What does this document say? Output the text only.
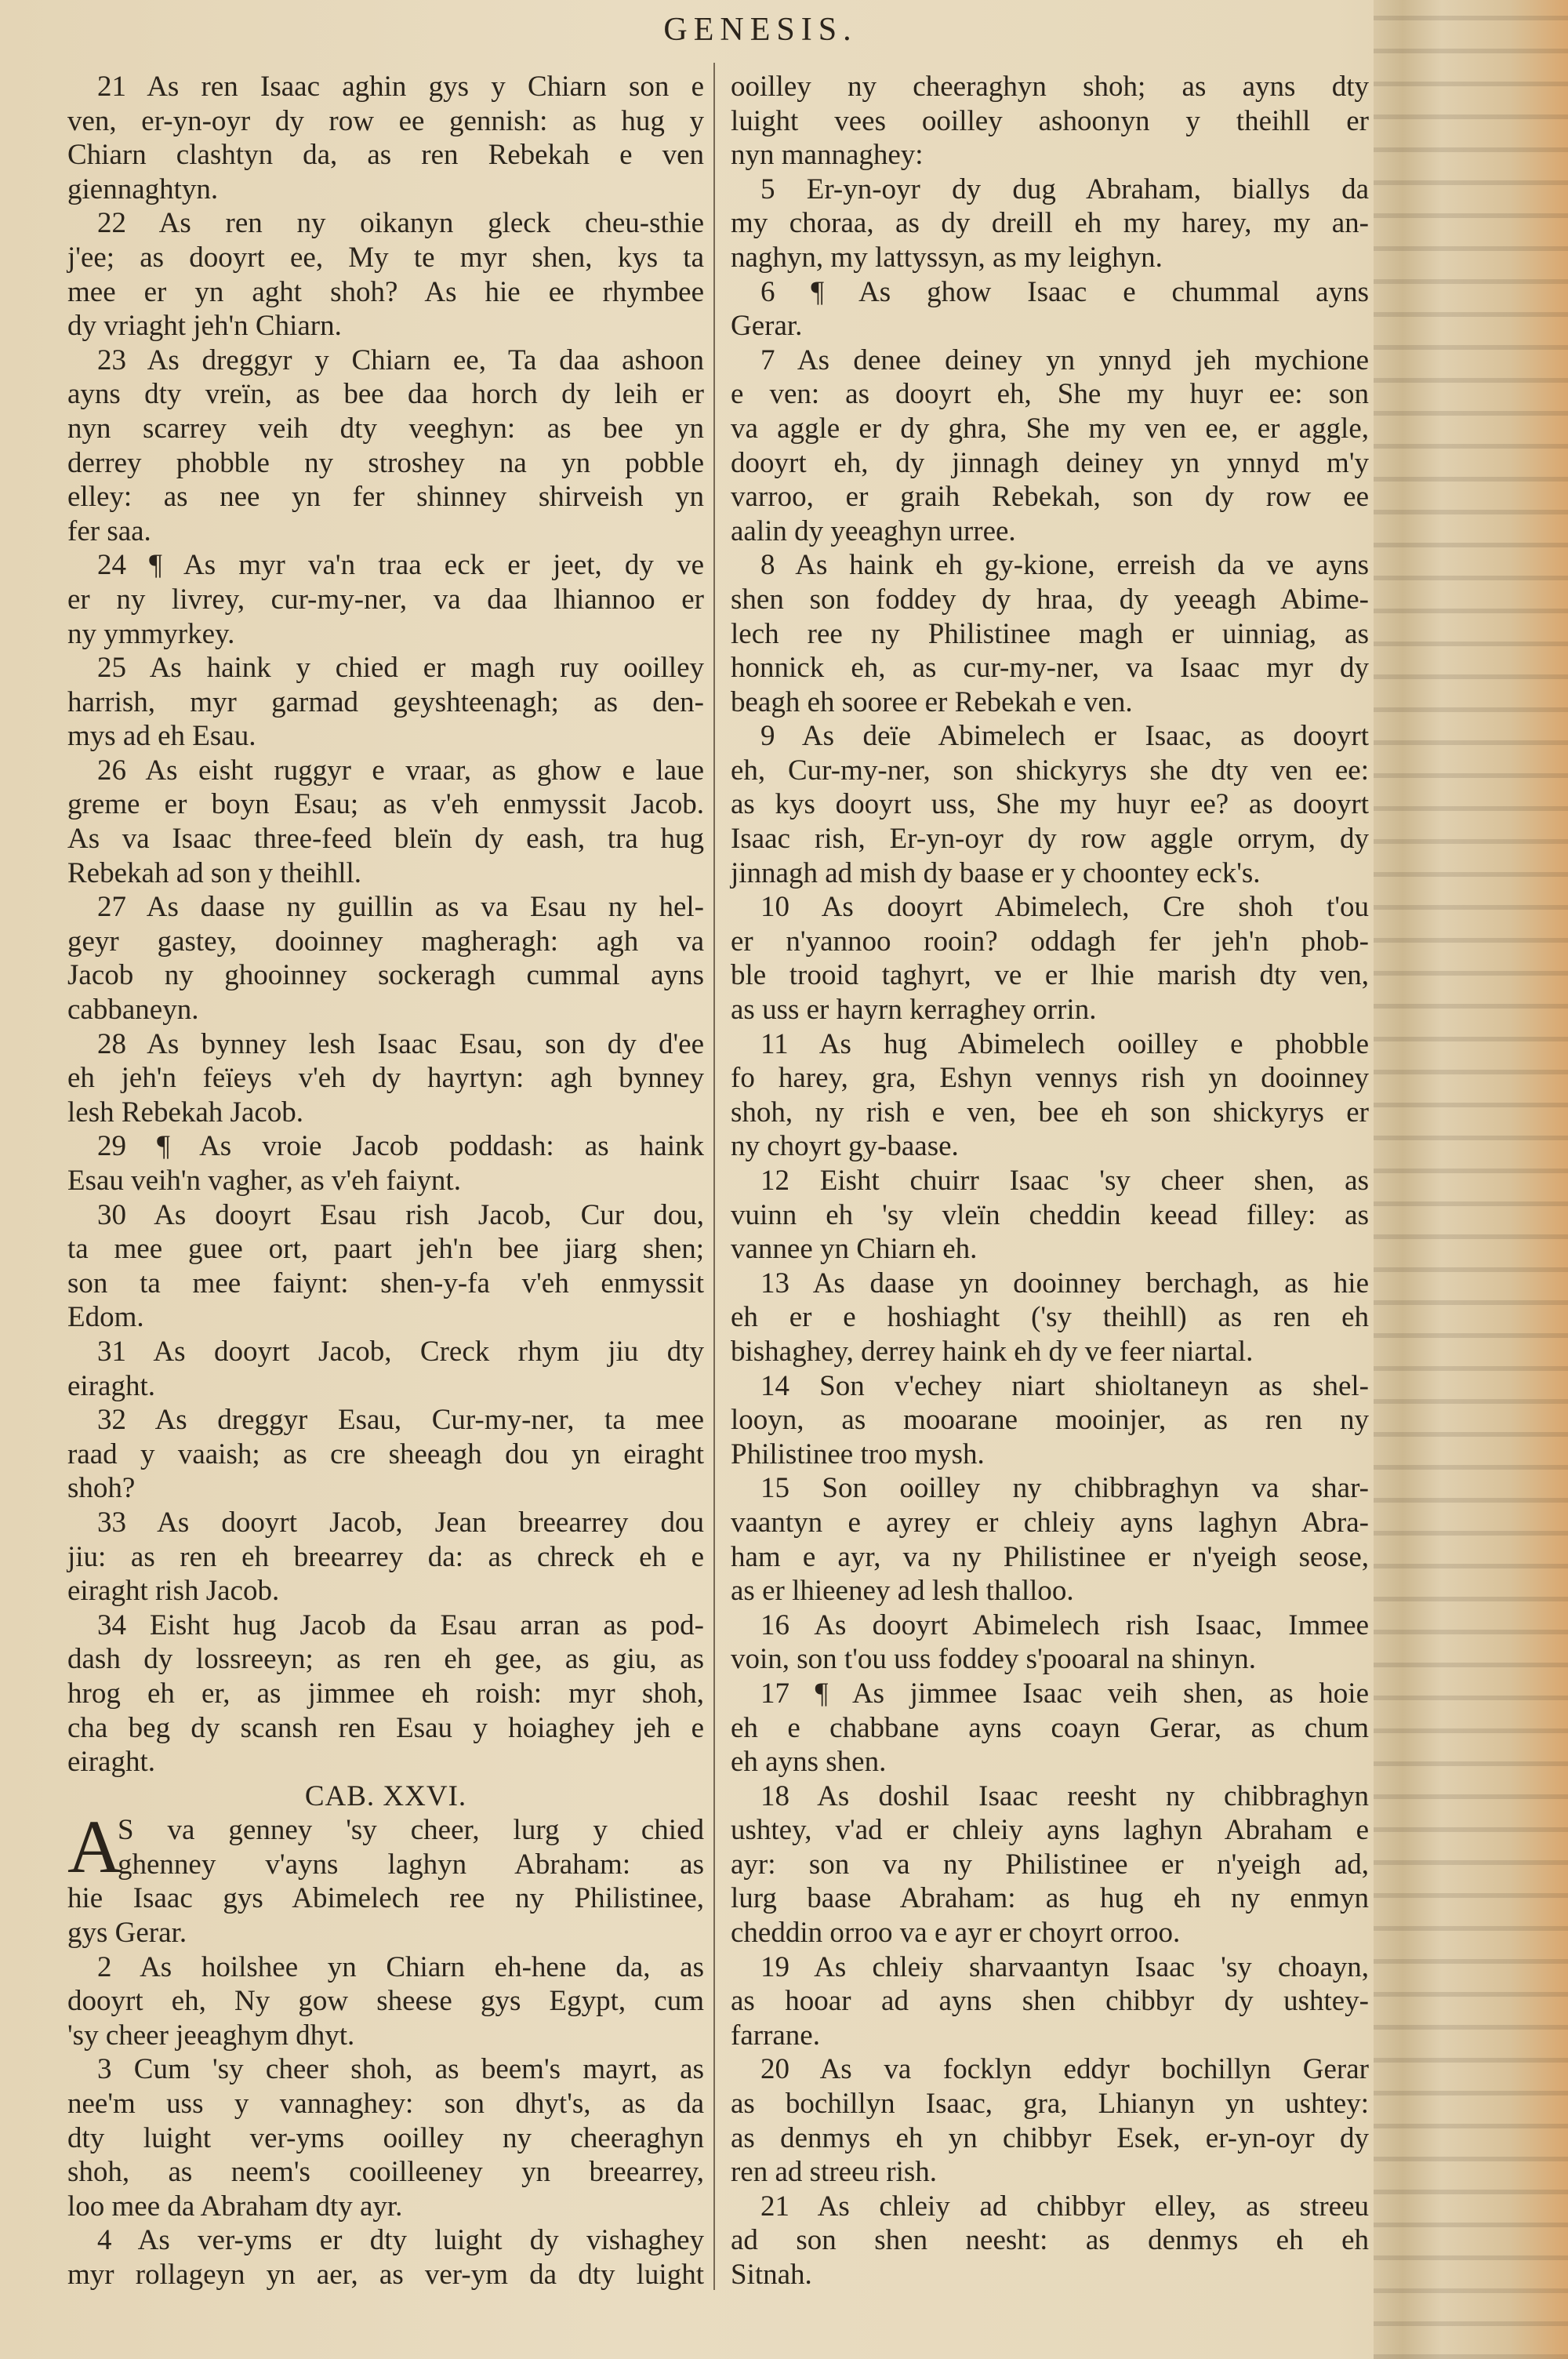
GENESIS.
21 As ren Isaac aghin gys y Chiarn son e
ven, er-yn-oyr dy row ee gennish: as hug y
Chiarn clashtyn da, as ren Rebekah e ven
giennaghtyn.
22 As ren ny oikanyn gleck cheu-sthie
j'ee; as dooyrt ee, My te myr shen, kys ta
mee er yn aght shoh? As hie ee rhymbee
dy vriaght jeh'n Chiarn.
23 As dreggyr y Chiarn ee, Ta daa ashoon
ayns dty vreïn, as bee daa horch dy leih er
nyn scarrey veih dty veeghyn: as bee yn
derrey phobble ny stroshey na yn pobble
elley: as nee yn fer shinney shirveish yn
fer saa.
24 ¶ As myr va'n traa eck er jeet, dy ve
er ny livrey, cur-my-ner, va daa lhiannoo er
ny ymmyrkey.
25 As haink y chied er magh ruy ooilley
harrish, myr garmad geyshteenagh; as den-
mys ad eh Esau.
26 As eisht ruggyr e vraar, as ghow e laue
greme er boyn Esau; as v'eh enmyssit Jacob.
As va Isaac three-feed bleïn dy eash, tra hug
Rebekah ad son y theihll.
27 As daase ny guillin as va Esau ny hel-
geyr gastey, dooinney magheragh: agh va
Jacob ny ghooinney sockeragh cummal ayns
cabbaneyn.
28 As bynney lesh Isaac Esau, son dy d'ee
eh jeh'n feïeys v'eh dy hayrtyn: agh bynney
lesh Rebekah Jacob.
29 ¶ As vroie Jacob poddash: as haink
Esau veih'n vagher, as v'eh faiynt.
30 As dooyrt Esau rish Jacob, Cur dou,
ta mee guee ort, paart jeh'n bee jiarg shen;
son ta mee faiynt: shen-y-fa v'eh enmyssit
Edom.
31 As dooyrt Jacob, Creck rhym jiu dty
eiraght.
32 As dreggyr Esau, Cur-my-ner, ta mee
raad y vaaish; as cre sheeagh dou yn eiraght
shoh?
33 As dooyrt Jacob, Jean breearrey dou
jiu: as ren eh breearrey da: as chreck eh e
eiraght rish Jacob.
34 Eisht hug Jacob da Esau arran as pod-
dash dy lossreeyn; as ren eh gee, as giu, as
hrog eh er, as jimmee eh roish: myr shoh,
cha beg dy scansh ren Esau y hoiaghey jeh e
eiraght.
CAB. XXVI.
A
S va genney 'sy cheer, lurg y chied
ghenney v'ayns laghyn Abraham: as
hie Isaac gys Abimelech ree ny Philistinee,
gys Gerar.
2 As hoilshee yn Chiarn eh-hene da, as
dooyrt eh, Ny gow sheese gys Egypt, cum
'sy cheer jeeaghym dhyt.
3 Cum 'sy cheer shoh, as beem's mayrt, as
nee'm uss y vannaghey: son dhyt's, as da
dty luight ver-yms ooilley ny cheeraghyn
shoh, as neem's cooilleeney yn breearrey,
loo mee da Abraham dty ayr.
4 As ver-yms er dty luight dy vishaghey
myr rollageyn yn aer, as ver-ym da dty luight
ooilley ny cheeraghyn shoh; as ayns dty
luight vees ooilley ashoonyn y theihll er
nyn mannaghey:
5 Er-yn-oyr dy dug Abraham, biallys da
my choraa, as dy dreill eh my harey, my an-
naghyn, my lattyssyn, as my leighyn.
6 ¶ As ghow Isaac e chummal ayns
Gerar.
7 As denee deiney yn ynnyd jeh mychione
e ven: as dooyrt eh, She my huyr ee: son
va aggle er dy ghra, She my ven ee, er aggle,
dooyrt eh, dy jinnagh deiney yn ynnyd m'y
varroo, er graih Rebekah, son dy row ee
aalin dy yeeaghyn urree.
8 As haink eh gy-kione, erreish da ve ayns
shen son foddey dy hraa, dy yeeagh Abime-
lech ree ny Philistinee magh er uinniag, as
honnick eh, as cur-my-ner, va Isaac myr dy
beagh eh sooree er Rebekah e ven.
9 As deïe Abimelech er Isaac, as dooyrt
eh, Cur-my-ner, son shickyrys she dty ven ee:
as kys dooyrt uss, She my huyr ee? as dooyrt
Isaac rish, Er-yn-oyr dy row aggle orrym, dy
jinnagh ad mish dy baase er y choontey eck's.
10 As dooyrt Abimelech, Cre shoh t'ou
er n'yannoo rooin? oddagh fer jeh'n phob-
ble trooid taghyrt, ve er lhie marish dty ven,
as uss er hayrn kerraghey orrin.
11 As hug Abimelech ooilley e phobble
fo harey, gra, Eshyn vennys rish yn dooinney
shoh, ny rish e ven, bee eh son shickyrys er
ny choyrt gy-baase.
12 Eisht chuirr Isaac 'sy cheer shen, as
vuinn eh 'sy vleïn cheddin keead filley: as
vannee yn Chiarn eh.
13 As daase yn dooinney berchagh, as hie
eh er e hoshiaght ('sy theihll) as ren eh
bishaghey, derrey haink eh dy ve feer niartal.
14 Son v'echey niart shioltaneyn as shel-
looyn, as mooarane mooinjer, as ren ny
Philistinee troo mysh.
15 Son ooilley ny chibbraghyn va shar-
vaantyn e ayrey er chleiy ayns laghyn Abra-
ham e ayr, va ny Philistinee er n'yeigh seose,
as er lhieeney ad lesh thalloo.
16 As dooyrt Abimelech rish Isaac, Immee
voin, son t'ou uss foddey s'pooaral na shinyn.
17 ¶ As jimmee Isaac veih shen, as hoie
eh e chabbane ayns coayn Gerar, as chum
eh ayns shen.
18 As doshil Isaac reesht ny chibbraghyn
ushtey, v'ad er chleiy ayns laghyn Abraham e
ayr: son va ny Philistinee er n'yeigh ad,
lurg baase Abraham: as hug eh ny enmyn
cheddin orroo va e ayr er choyrt orroo.
19 As chleiy sharvaantyn Isaac 'sy choayn,
as hooar ad ayns shen chibbyr dy ushtey-
farrane.
20 As va focklyn eddyr bochillyn Gerar
as bochillyn Isaac, gra, Lhianyn yn ushtey:
as denmys eh yn chibbyr Esek, er-yn-oyr dy
ren ad streeu rish.
21 As chleiy ad chibbyr elley, as streeu
ad son shen neesht: as denmys eh eh
Sitnah.
